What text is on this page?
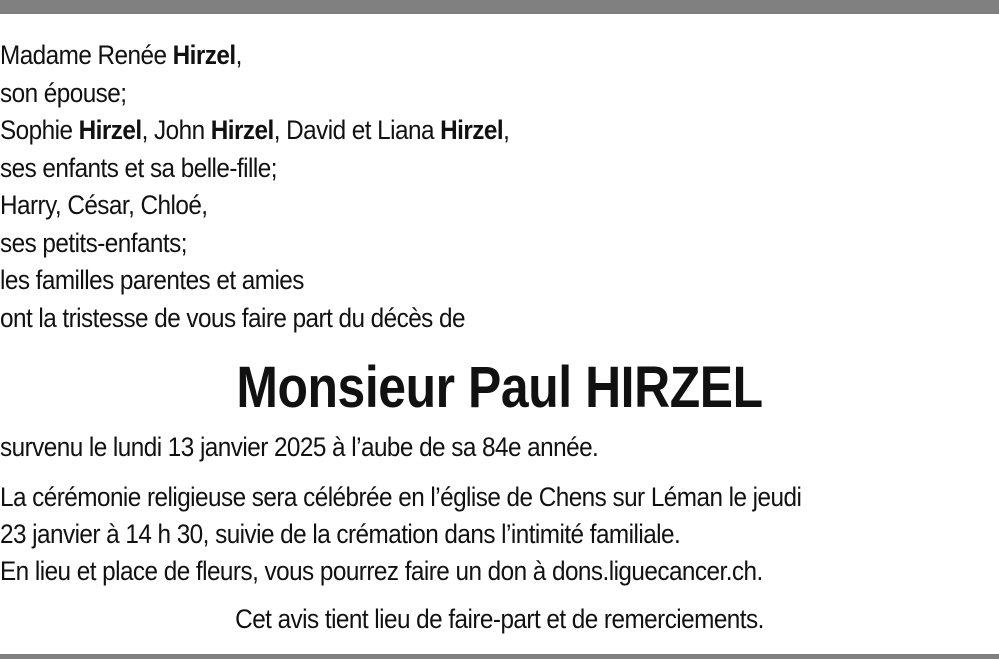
Madame Renée Hirzel,
son épouse;
Sophie Hirzel, John Hirzel, David et Liana Hirzel,
ses enfants et sa belle-fille;
Harry, César, Chloé,
ses petits-enfants;
les familles parentes et amies
ont la tristesse de vous faire part du décès de
Monsieur Paul HIRZEL
survenu le lundi 13 janvier 2025 à l’aube de sa 84e année.
La cérémonie religieuse sera célébrée en l’église de Chens sur Léman le jeudi
23 janvier à 14 h 30, suivie de la crémation dans l’intimité familiale.
En lieu et place de fleurs, vous pourrez faire un don à dons.liguecancer.ch.
Cet avis tient lieu de faire-part et de remerciements.
